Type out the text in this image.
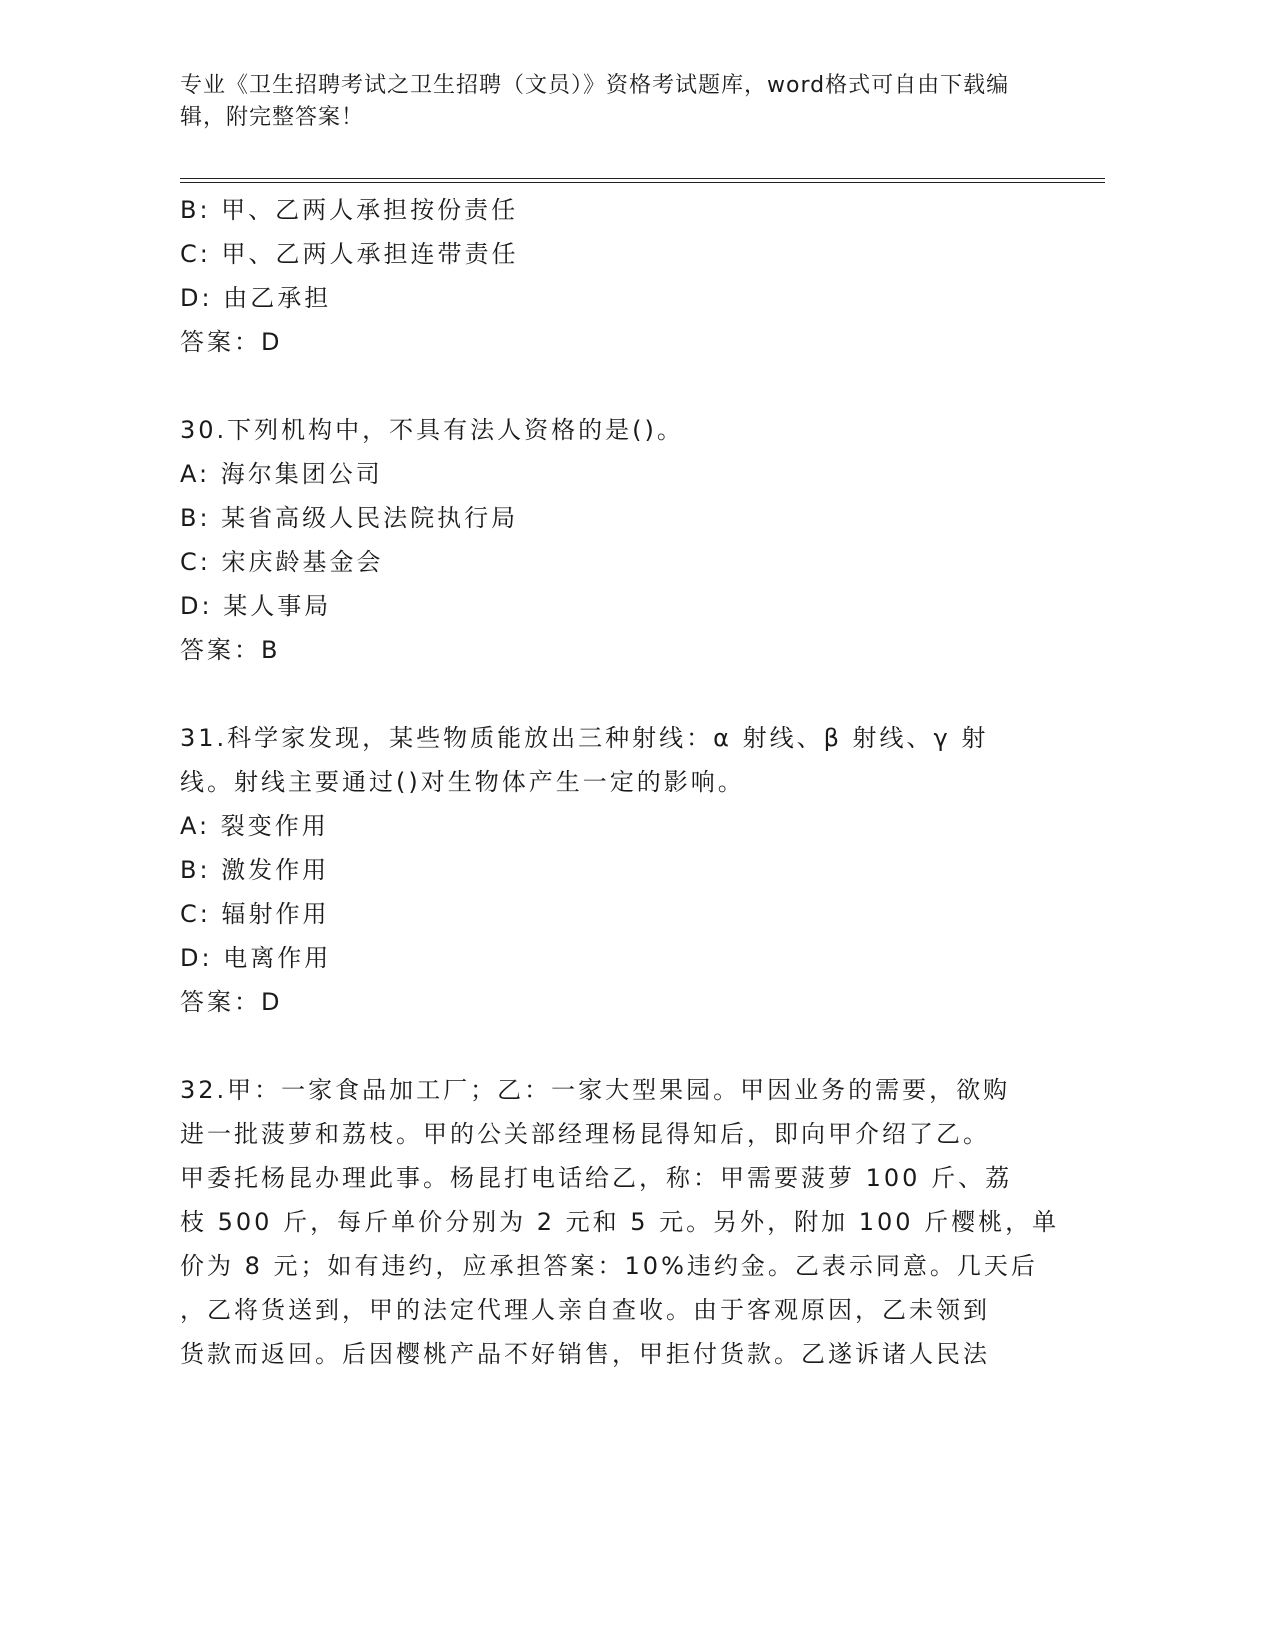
专业《卫生招聘考试之卫生招聘（文员）》资格考试题库，word格式可自由下载编辑，附完整答案！
B: 甲、乙两人承担按份责任
C: 甲、乙两人承担连带责任
D: 由乙承担
答案：D
30.下列机构中，不具有法人资格的是()。
A: 海尔集团公司
B: 某省高级人民法院执行局
C: 宋庆龄基金会
D: 某人事局
答案：B
31.科学家发现，某些物质能放出三种射线：α 射线、β 射线、γ 射
线。射线主要通过()对生物体产生一定的影响。
A: 裂变作用
B: 激发作用
C: 辐射作用
D: 电离作用
答案：D
32.甲：一家食品加工厂；乙：一家大型果园。甲因业务的需要，欲购
进一批菠萝和荔枝。甲的公关部经理杨昆得知后，即向甲介绍了乙。
甲委托杨昆办理此事。杨昆打电话给乙，称：甲需要菠萝 100 斤、荔
枝 500 斤，每斤单价分别为 2 元和 5 元。另外，附加 100 斤樱桃，单
价为 8 元；如有违约，应承担答案：10%违约金。乙表示同意。几天后
，乙将货送到，甲的法定代理人亲自查收。由于客观原因，乙未领到
货款而返回。后因樱桃产品不好销售，甲拒付货款。乙遂诉诸人民法
